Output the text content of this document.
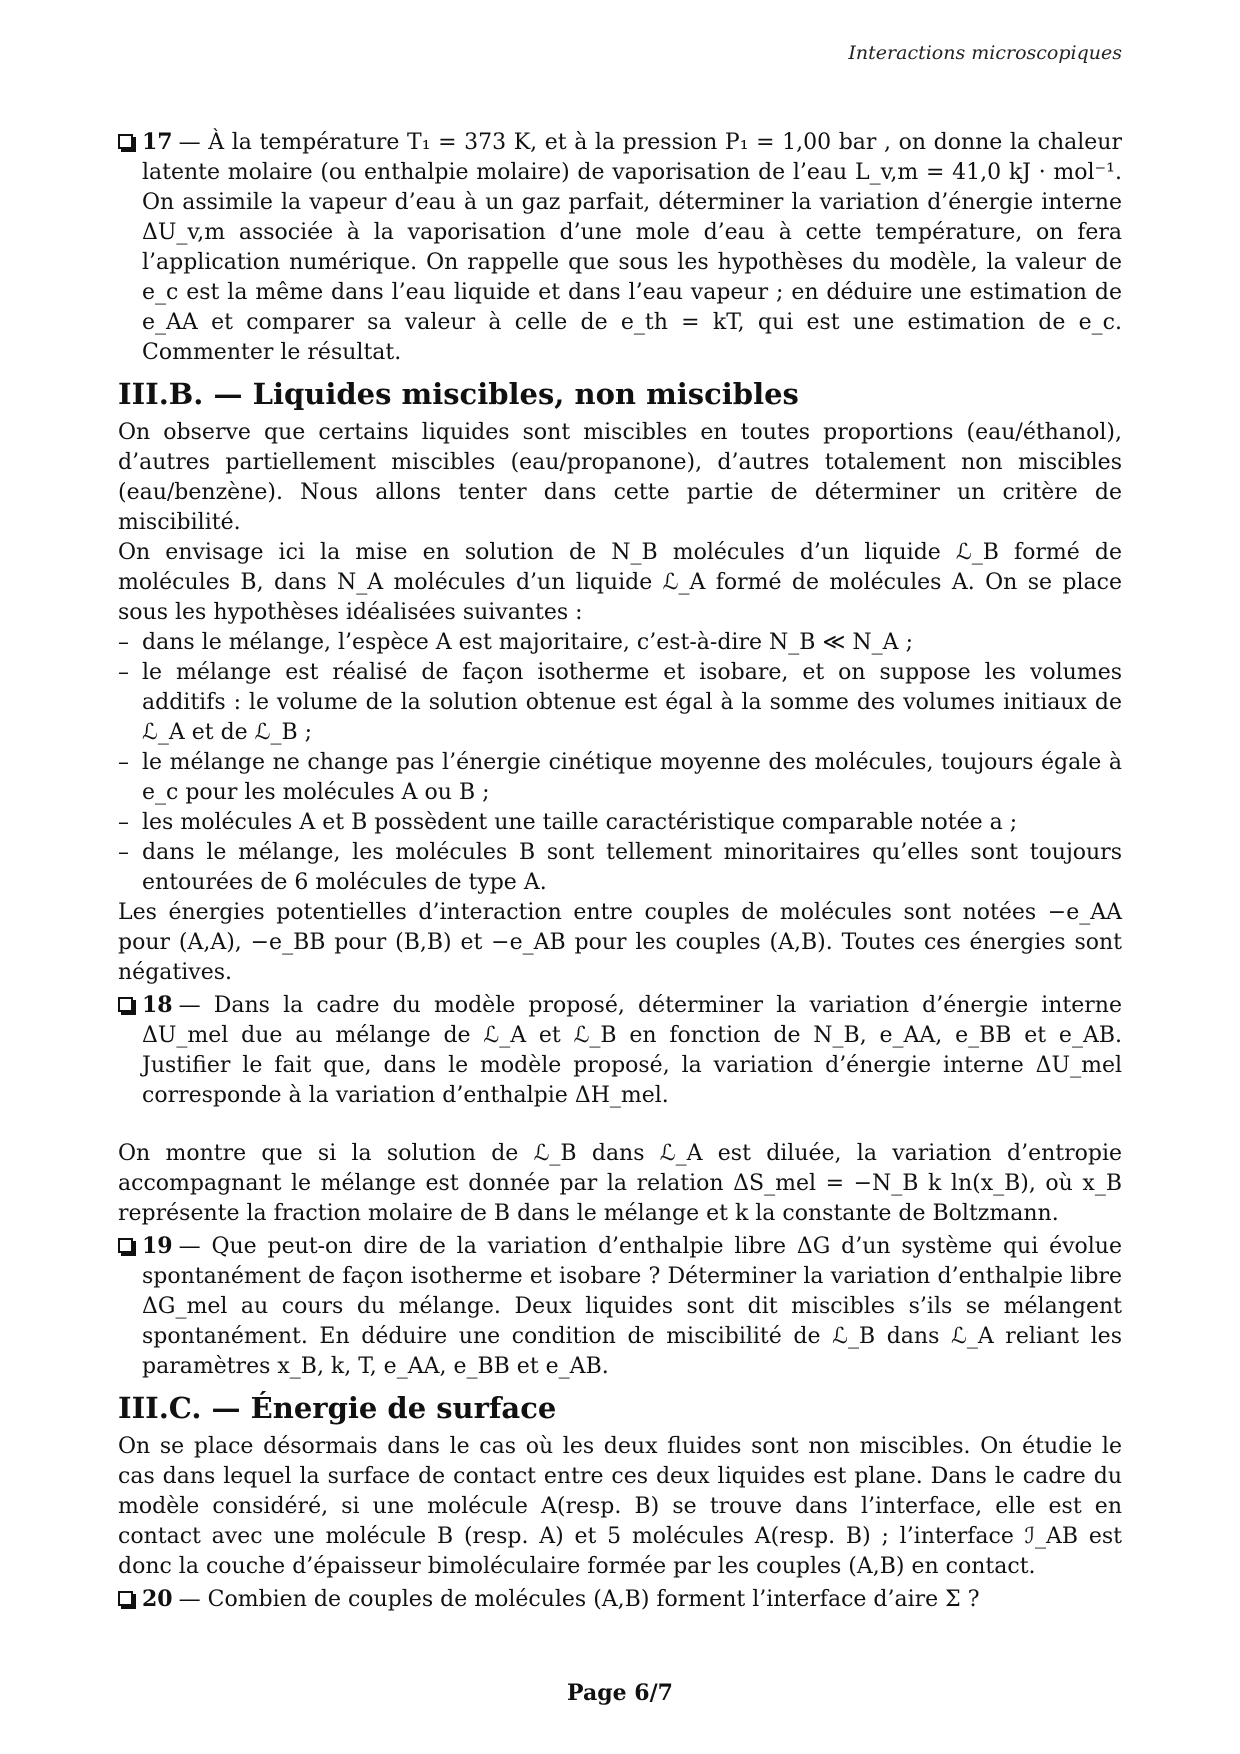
Interactions microscopiques

17 — À la température T₁ = 373 K, et à la pression P₁ = 1,00 bar , on donne la chaleur latente molaire (ou enthalpie molaire) de vaporisation de l’eau L_v,m = 41,0 kJ · mol⁻¹. On assimile la vapeur d’eau à un gaz parfait, déterminer la variation d’énergie interne ΔU_v,m associée à la vaporisation d’une mole d’eau à cette température, on fera l’application numérique. On rappelle que sous les hypothèses du modèle, la valeur de e_c est la même dans l’eau liquide et dans l’eau vapeur ; en déduire une estimation de e_AA et comparer sa valeur à celle de e_th = kT, qui est une estimation de e_c. Commenter le résultat.

III.B. — Liquides miscibles, non miscibles

On observe que certains liquides sont miscibles en toutes proportions (eau/éthanol), d’autres partiellement miscibles (eau/propanone), d’autres totalement non miscibles (eau/benzène). Nous allons tenter dans cette partie de déterminer un critère de miscibilité.

On envisage ici la mise en solution de N_B molécules d’un liquide ℒ_B formé de molécules B, dans N_A molécules d’un liquide ℒ_A formé de molécules A. On se place sous les hypothèses idéalisées suivantes :

– dans le mélange, l’espèce A est majoritaire, c’est-à-dire N_B ≪ N_A ;
– le mélange est réalisé de façon isotherme et isobare, et on suppose les volumes additifs : le volume de la solution obtenue est égal à la somme des volumes initiaux de ℒ_A et de ℒ_B ;
– le mélange ne change pas l’énergie cinétique moyenne des molécules, toujours égale à e_c pour les molécules A ou B ;
– les molécules A et B possèdent une taille caractéristique comparable notée a ;
– dans le mélange, les molécules B sont tellement minoritaires qu’elles sont toujours entourées de 6 molécules de type A.

Les énergies potentielles d’interaction entre couples de molécules sont notées −e_AA pour (A,A), −e_BB pour (B,B) et −e_AB pour les couples (A,B). Toutes ces énergies sont négatives.

18 — Dans la cadre du modèle proposé, déterminer la variation d’énergie interne ΔU_mel due au mélange de ℒ_A et ℒ_B en fonction de N_B, e_AA, e_BB et e_AB. Justifier le fait que, dans le modèle proposé, la variation d’énergie interne ΔU_mel corresponde à la variation d’enthalpie ΔH_mel.

On montre que si la solution de ℒ_B dans ℒ_A est diluée, la variation d’entropie accompagnant le mélange est donnée par la relation ΔS_mel = −N_B k ln(x_B), où x_B représente la fraction molaire de B dans le mélange et k la constante de Boltzmann.

19 — Que peut-on dire de la variation d’enthalpie libre ΔG d’un système qui évolue spontanément de façon isotherme et isobare ? Déterminer la variation d’enthalpie libre ΔG_mel au cours du mélange. Deux liquides sont dit miscibles s’ils se mélangent spontanément. En déduire une condition de miscibilité de ℒ_B dans ℒ_A reliant les paramètres x_B, k, T, e_AA, e_BB et e_AB.

III.C. — Énergie de surface

On se place désormais dans le cas où les deux fluides sont non miscibles. On étudie le cas dans lequel la surface de contact entre ces deux liquides est plane. Dans le cadre du modèle considéré, si une molécule A(resp. B) se trouve dans l’interface, elle est en contact avec une molécule B (resp. A) et 5 molécules A(resp. B) ; l’interface ℐ_AB est donc la couche d’épaisseur bimoléculaire formée par les couples (A,B) en contact.

20 — Combien de couples de molécules (A,B) forment l’interface d’aire Σ ?

Page 6/7
